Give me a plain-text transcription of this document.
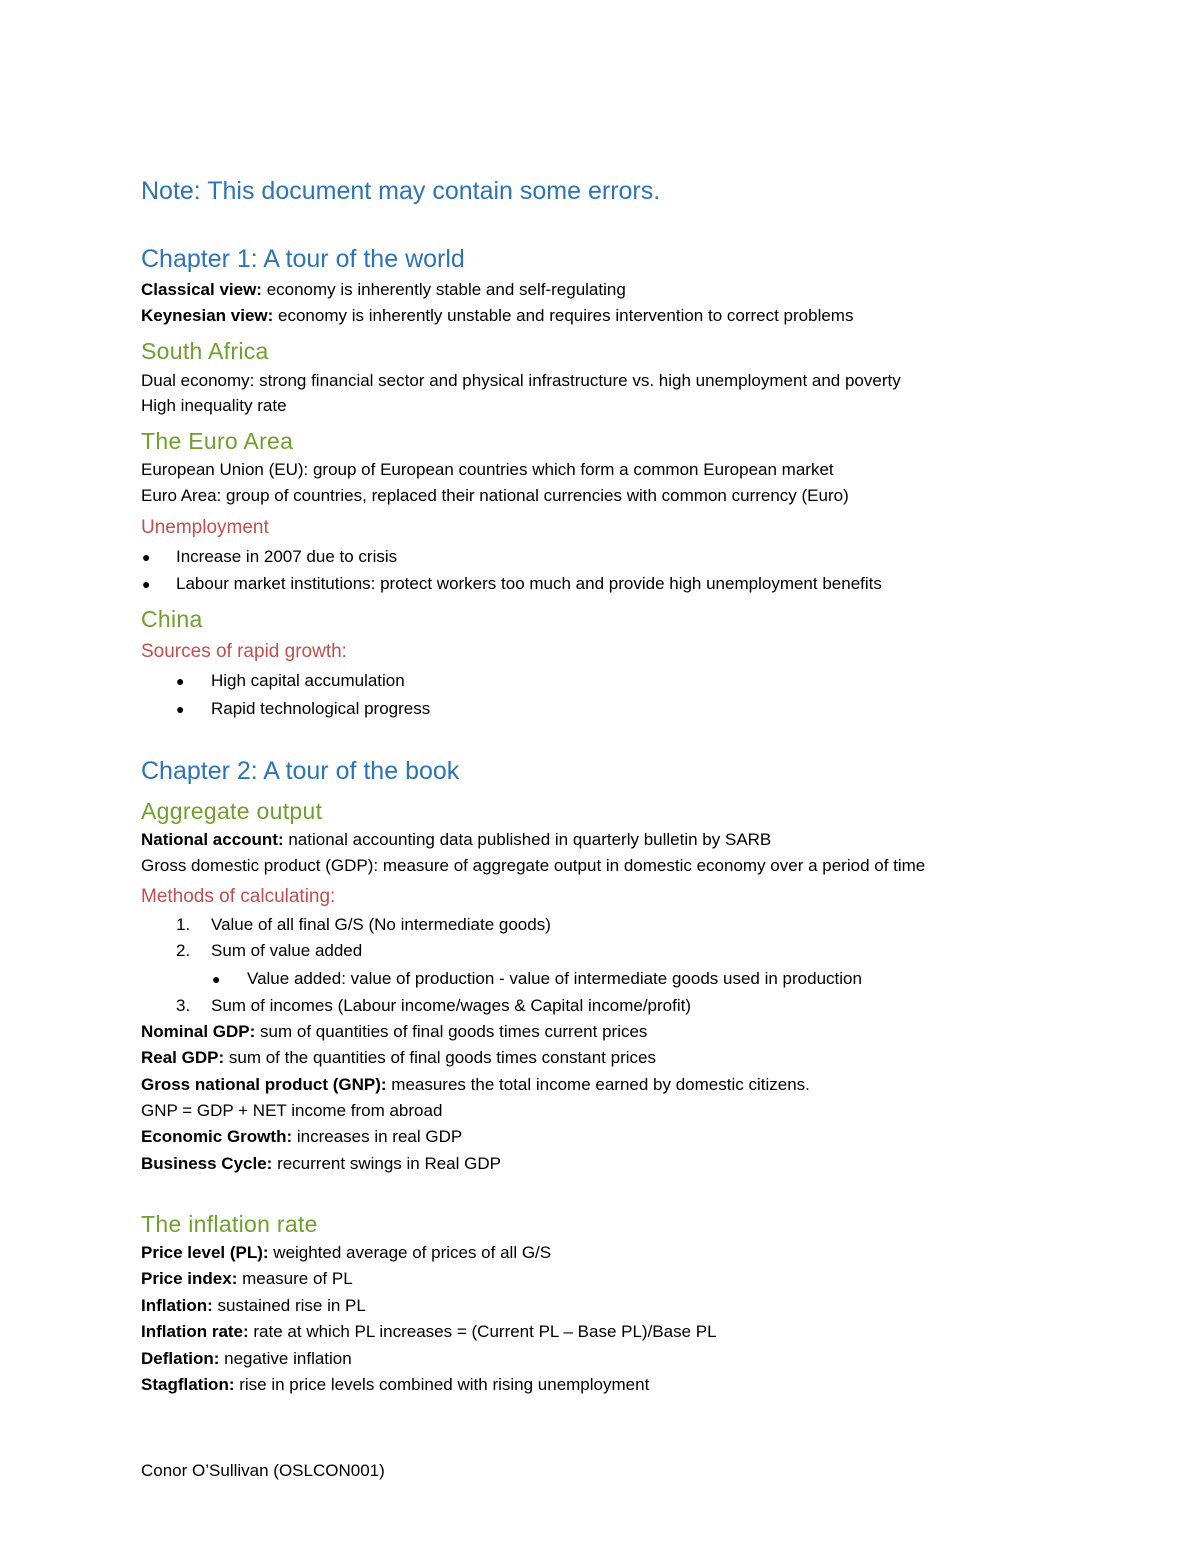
Note: This document may contain some errors.

Chapter 1: A tour of the world

Classical view: economy is inherently stable and self-regulating

Keynesian view: economy is inherently unstable and requires intervention to correct problems

South Africa

Dual economy: strong financial sector and physical infrastructure vs. high unemployment and poverty

High inequality rate

The Euro Area

European Union (EU): group of European countries which form a common European market

Euro Area: group of countries, replaced their national currencies with common currency (Euro)

Unemployment

● Increase in 2007 due to crisis

● Labour market institutions: protect workers too much and provide high unemployment benefits

China

Sources of rapid growth:

● High capital accumulation

● Rapid technological progress

Chapter 2: A tour of the book

Aggregate output

National account: national accounting data published in quarterly bulletin by SARB

Gross domestic product (GDP): measure of aggregate output in domestic economy over a period of time

Methods of calculating:

1. Value of all final G/S (No intermediate goods)

2. Sum of value added

● Value added: value of production - value of intermediate goods used in production

3. Sum of incomes (Labour income/wages & Capital income/profit)

Nominal GDP: sum of quantities of final goods times current prices

Real GDP: sum of the quantities of final goods times constant prices

Gross national product (GNP): measures the total income earned by domestic citizens.

GNP = GDP + NET income from abroad

Economic Growth: increases in real GDP

Business Cycle: recurrent swings in Real GDP

The inflation rate

Price level (PL): weighted average of prices of all G/S

Price index: measure of PL

Inflation: sustained rise in PL

Inflation rate: rate at which PL increases = (Current PL – Base PL)/Base PL

Deflation: negative inflation

Stagflation: rise in price levels combined with rising unemployment

Conor O’Sullivan (OSLCON001)
